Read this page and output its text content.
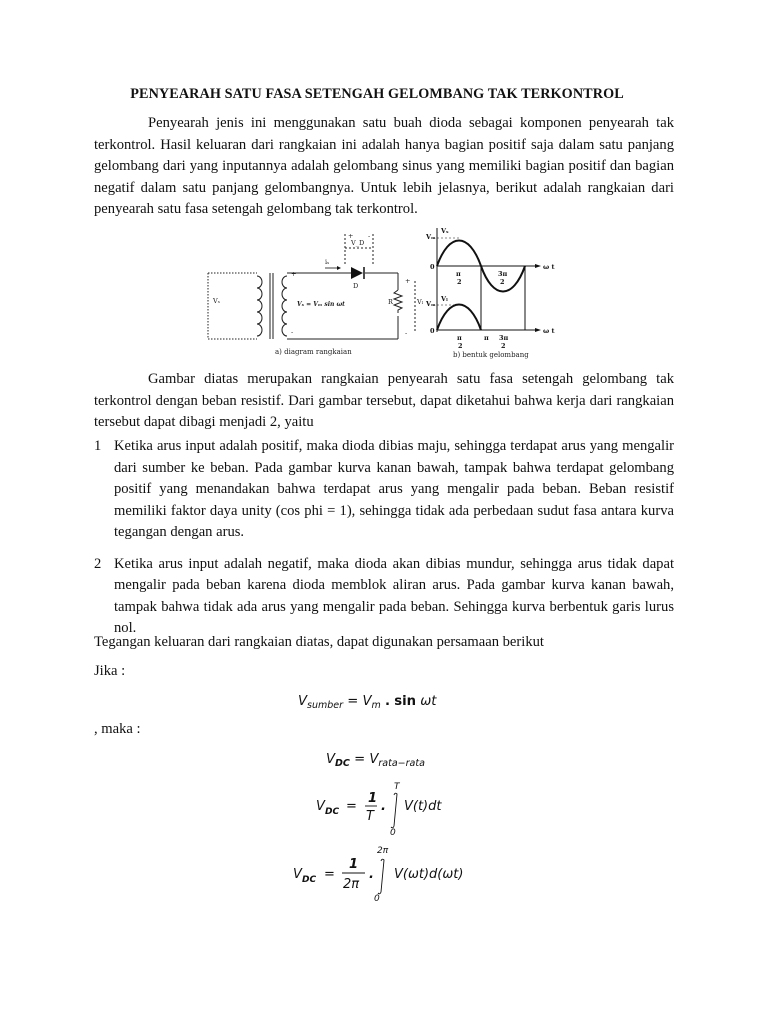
PENYEARAH SATU FASA SETENGAH GELOMBANG TAK TERKONTROL

Penyearah jenis ini menggunakan satu buah dioda sebagai komponen penyearah tak terkontrol. Hasil keluaran dari rangkaian ini adalah hanya bagian positif saja dalam satu panjang gelombang dari yang inputannya adalah gelombang sinus yang memiliki bagian positif dan bagian negatif dalam satu panjang gelombangnya. Untuk lebih jelasnya, berikut adalah rangkaian dari penyearah satu fasa setengah gelombang tak terkontrol.

Vₛ
+
-
iₛ
D
V_D
+ -
R
+
Vₗ
-
Vₛ = Vₘ sin ωt
a) diagram rangkaian
Vₘ
Vₛ
0	ω t
π
2
3π
2
Vₘ
Vₗ
0	ω t
π
2
π 3π
2
b) bentuk gelombang

Gambar diatas merupakan rangkaian penyearah satu fasa setengah gelombang tak terkontrol dengan beban resistif. Dari gambar tersebut, dapat diketahui bahwa kerja dari rangkaian tersebut dapat dibagi menjadi 2, yaitu

1 Ketika arus input adalah positif, maka dioda dibias maju, sehingga terdapat arus yang mengalir dari sumber ke beban. Pada gambar kurva kanan bawah, tampak bahwa terdapat gelombang positif yang menandakan bahwa terdapat arus yang mengalir pada beban. Beban resistif memiliki faktor daya unity (cos phi = 1), sehingga tidak ada perbedaan sudut fasa antara kurva tegangan dengan arus.
2 Ketika arus input adalah negatif, maka dioda akan dibias mundur, sehingga arus tidak dapat mengalir pada beban karena dioda memblok aliran arus. Pada gambar kurva kanan bawah, tampak bahwa tidak ada arus yang mengalir pada beban. Sehingga kurva berbentuk garis lurus nol.
Tegangan keluaran dari rangkaian diatas, dapat digunakan persamaan berikut
Jika :
$V_{sumber} = V_m$ . sin ωt
, maka :
$V_{DC} = V_{rata-rata}$
V DC =
1
T
.
T
0
V(t)dt
V DC =
1
2π
.
2π
0
V(ωt)d(ωt)
